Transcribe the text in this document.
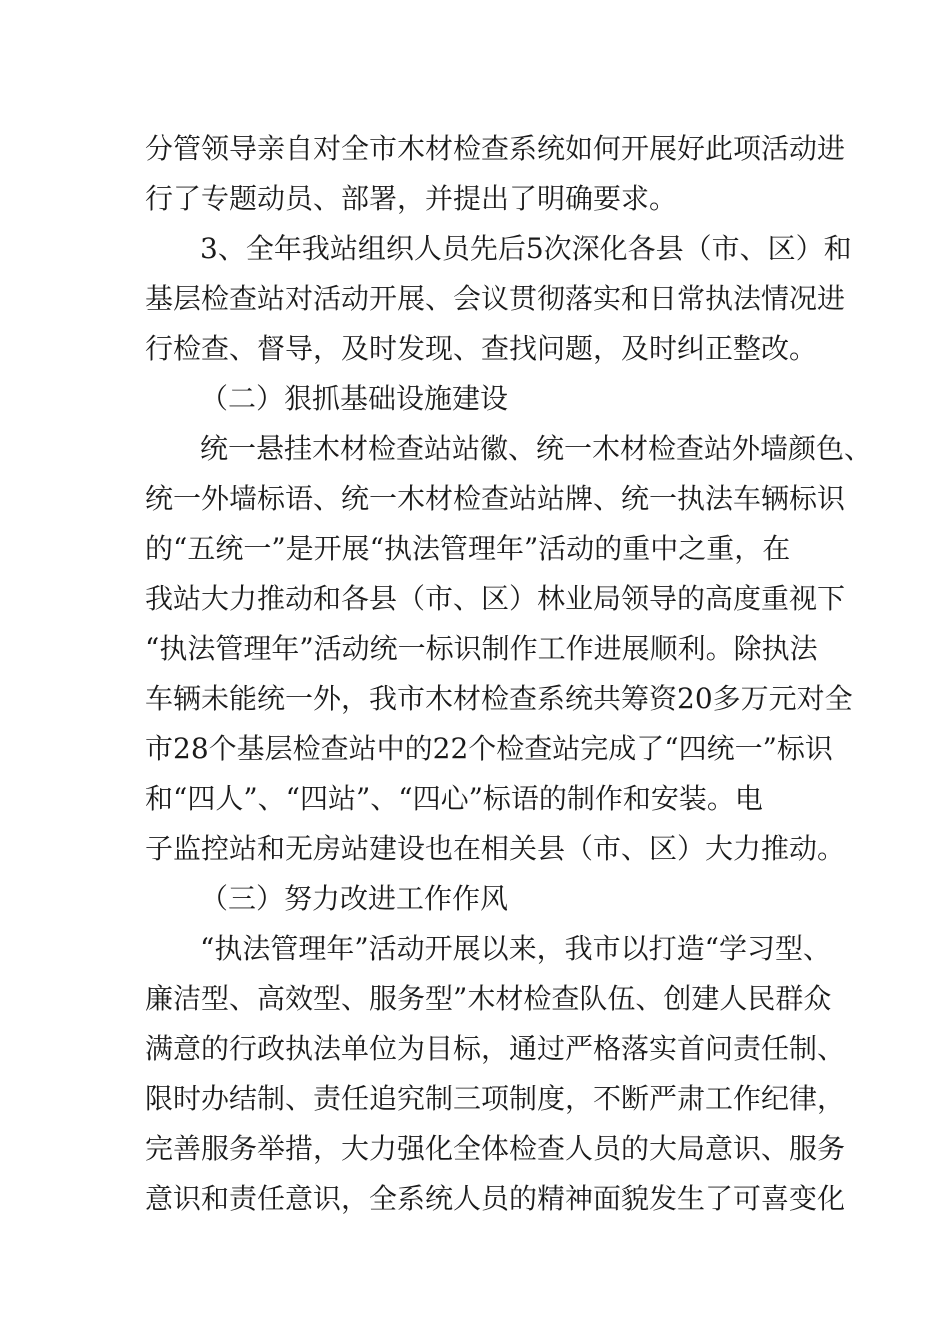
分管领导亲自对全市木材检查系统如何开展好此项活动进
行了专题动员、部署，并提出了明确要求。
3、全年我站组织人员先后5次深化各县（市、区）和
基层检查站对活动开展、会议贯彻落实和日常执法情况进
行检查、督导，及时发现、查找问题，及时纠正整改。
（二）狠抓基础设施建设
统一悬挂木材检查站站徽、统一木材检查站外墙颜色、
统一外墙标语、统一木材检查站站牌、统一执法车辆标识
的“五统一”是开展“执法管理年”活动的重中之重，在
我站大力推动和各县（市、区）林业局领导的高度重视下
“执法管理年”活动统一标识制作工作进展顺利。除执法
车辆未能统一外，我市木材检查系统共筹资20多万元对全
市28个基层检查站中的22个检查站完成了“四统一”标识
和“四人”、“四站”、“四心”标语的制作和安装。电
子监控站和无房站建设也在相关县（市、区）大力推动。
（三）努力改进工作作风
“执法管理年”活动开展以来，我市以打造“学习型、
廉洁型、高效型、服务型”木材检查队伍、创建人民群众
满意的行政执法单位为目标，通过严格落实首问责任制、
限时办结制、责任追究制三项制度，不断严肃工作纪律，
完善服务举措，大力强化全体检查人员的大局意识、服务
意识和责任意识，全系统人员的精神面貌发生了可喜变化
